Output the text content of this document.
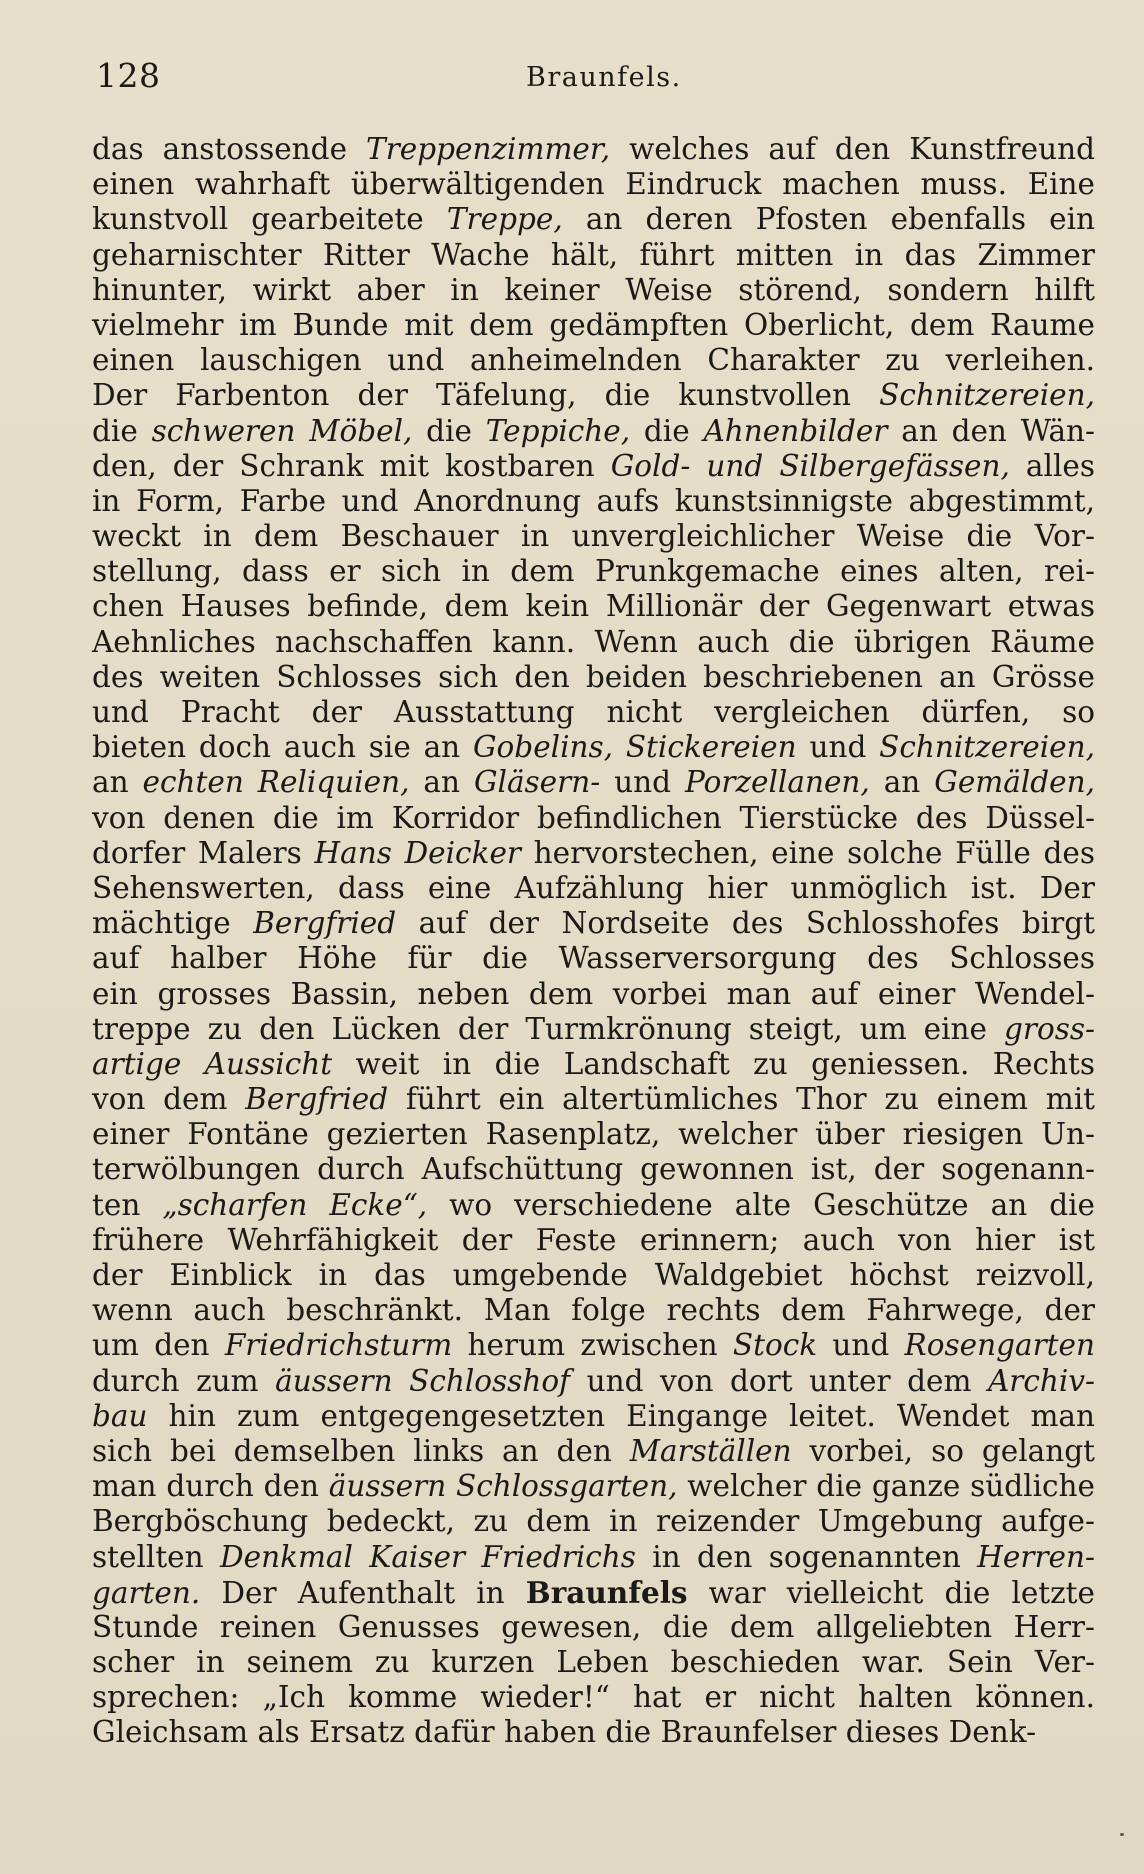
128	Braunfels.
das anstossende Treppenzimmer, welches auf den Kunstfreund
einen wahrhaft überwältigenden Eindruck machen muss. Eine
kunstvoll gearbeitete Treppe, an deren Pfosten ebenfalls ein
geharnischter Ritter Wache hält, führt mitten in das Zimmer
hinunter, wirkt aber in keiner Weise störend, sondern hilft
vielmehr im Bunde mit dem gedämpften Oberlicht, dem Raume
einen lauschigen und anheimelnden Charakter zu verleihen.
Der Farbenton der Täfelung, die kunstvollen Schnitzereien,
die schweren Möbel, die Teppiche, die Ahnenbilder an den Wän-
den, der Schrank mit kostbaren Gold- und Silbergefässen, alles
in Form, Farbe und Anordnung aufs kunstsinnigste abgestimmt,
weckt in dem Beschauer in unvergleichlicher Weise die Vor-
stellung, dass er sich in dem Prunkgemache eines alten, rei-
chen Hauses befinde, dem kein Millionär der Gegenwart etwas
Aehnliches nachschaffen kann. Wenn auch die übrigen Räume
des weiten Schlosses sich den beiden beschriebenen an Grösse
und Pracht der Ausstattung nicht vergleichen dürfen, so
bieten doch auch sie an Gobelins, Stickereien und Schnitzereien,
an echten Reliquien, an Gläsern- und Porzellanen, an Gemälden,
von denen die im Korridor befindlichen Tierstücke des Düssel-
dorfer Malers Hans Deicker hervorstechen, eine solche Fülle des
Sehenswerten, dass eine Aufzählung hier unmöglich ist. Der
mächtige Bergfried auf der Nordseite des Schlosshofes birgt
auf halber Höhe für die Wasserversorgung des Schlosses
ein grosses Bassin, neben dem vorbei man auf einer Wendel-
treppe zu den Lücken der Turmkrönung steigt, um eine gross-
artige Aussicht weit in die Landschaft zu geniessen. Rechts
von dem Bergfried führt ein altertümliches Thor zu einem mit
einer Fontäne gezierten Rasenplatz, welcher über riesigen Un-
terwölbungen durch Aufschüttung gewonnen ist, der sogenann-
ten „scharfen Ecke“, wo verschiedene alte Geschütze an die
frühere Wehrfähigkeit der Feste erinnern; auch von hier ist
der Einblick in das umgebende Waldgebiet höchst reizvoll,
wenn auch beschränkt. Man folge rechts dem Fahrwege, der
um den Friedrichsturm herum zwischen Stock und Rosengarten
durch zum äussern Schlosshof und von dort unter dem Archiv-
bau hin zum entgegengesetzten Eingange leitet. Wendet man
sich bei demselben links an den Marställen vorbei, so gelangt
man durch den äussern Schlossgarten, welcher die ganze südliche
Bergböschung bedeckt, zu dem in reizender Umgebung aufge-
stellten Denkmal Kaiser Friedrichs in den sogenannten Herren-
garten. Der Aufenthalt in Braunfels war vielleicht die letzte
Stunde reinen Genusses gewesen, die dem allgeliebten Herr-
scher in seinem zu kurzen Leben beschieden war. Sein Ver-
sprechen: „Ich komme wieder!“ hat er nicht halten können.
Gleichsam als Ersatz dafür haben die Braunfelser dieses Denk-
